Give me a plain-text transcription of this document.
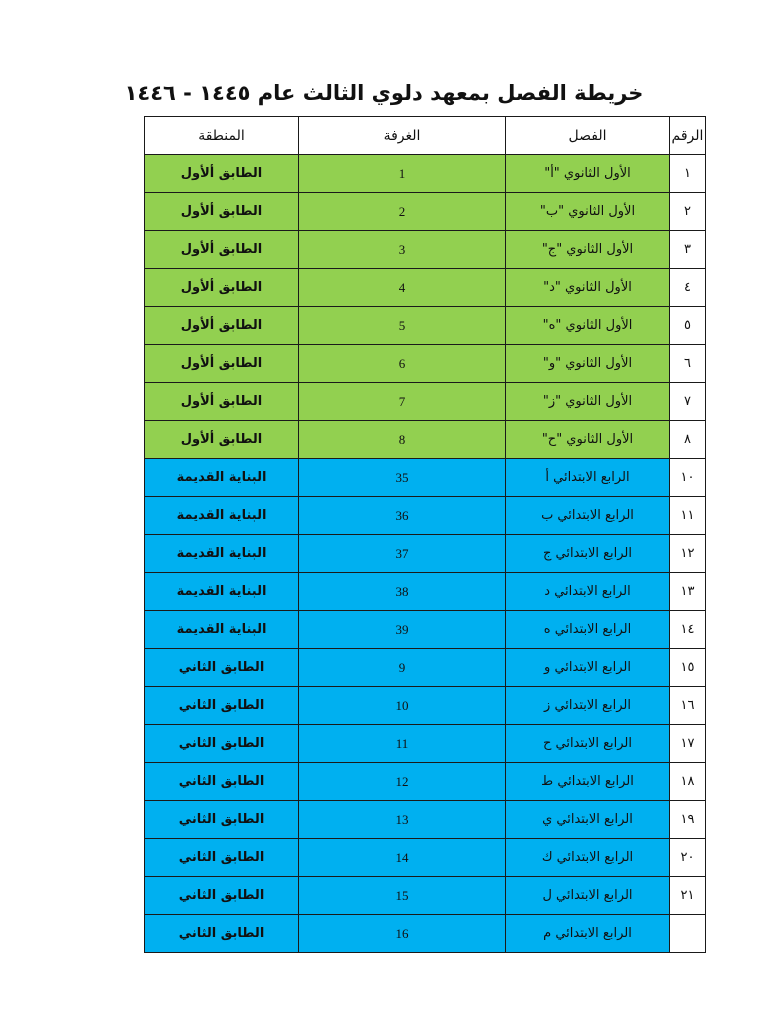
خريطة الفصل بمعهد دلوي الثالث عام ١٤٤٥ - ١٤٤٦
الرقم	الفصل	الغرفة	المنطقة
١	الأول الثانوي "أ"	1	الطابق ألأول
٢	الأول الثانوي "ب"	2	الطابق ألأول
٣	الأول الثانوي "ج"	3	الطابق ألأول
٤	الأول الثانوي "د"	4	الطابق ألأول
٥	الأول الثانوي "ه"	5	الطابق ألأول
٦	الأول الثانوي "و"	6	الطابق ألأول
٧	الأول الثانوي "ز"	7	الطابق ألأول
٨	الأول الثانوي "ح"	8	الطابق ألأول
١٠	الرابع الابتدائي أ	35	البناية القديمة
١١	الرابع الابتدائي ب	36	البناية القديمة
١٢	الرابع الابتدائي ج	37	البناية القديمة
١٣	الرابع الابتدائي د	38	البناية القديمة
١٤	الرابع الابتدائي ه	39	البناية القديمة
١٥	الرابع الابتدائي و	9	الطابق الثاني
١٦	الرابع الابتدائي ز	10	الطابق الثاني
١٧	الرابع الابتدائي ح	11	الطابق الثاني
١٨	الرابع الابتدائي ط	12	الطابق الثاني
١٩	الرابع الابتدائي ي	13	الطابق الثاني
٢٠	الرابع الابتدائي ك	14	الطابق الثاني
٢١	الرابع الابتدائي ل	15	الطابق الثاني
	الرابع الابتدائي م	16	الطابق الثاني
